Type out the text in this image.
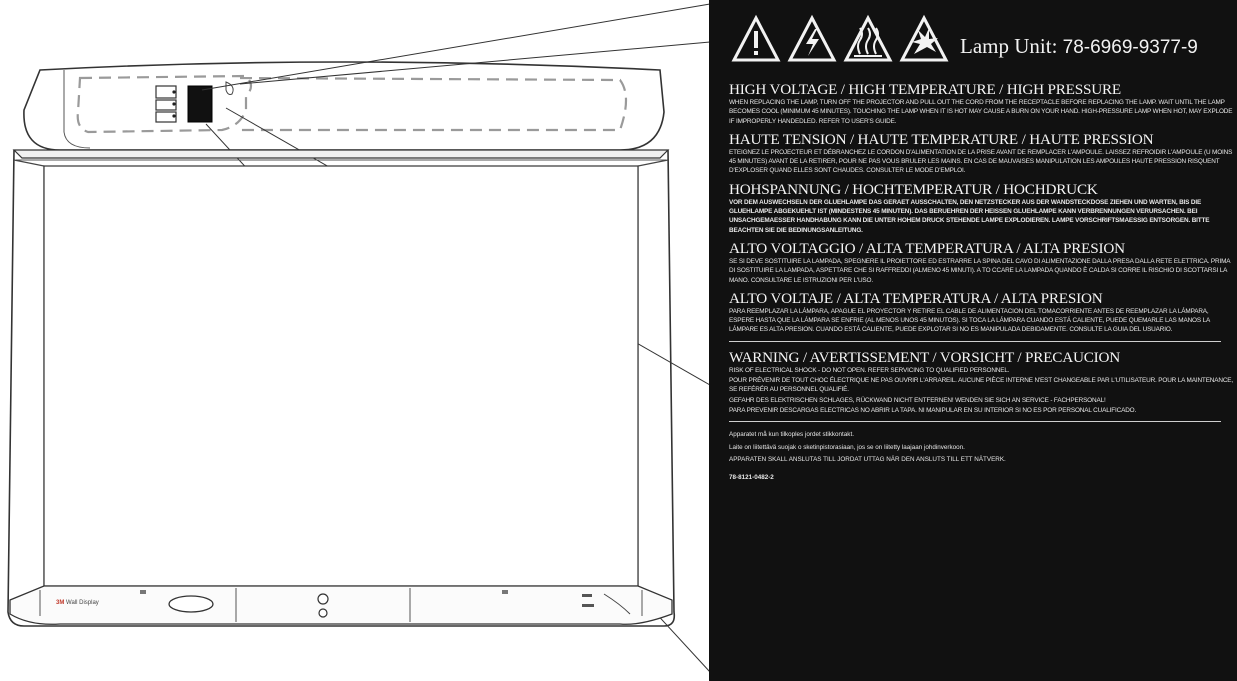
3M Wall Display
Lamp Unit: 78-6969-9377-9
HIGH VOLTAGE / HIGH TEMPERATURE / HIGH PRESSURE

WHEN REPLACING THE LAMP, TURN OFF THE PROJECTOR AND PULL OUT THE CORD FROM THE RECEPTACLE BEFORE REPLACING THE LAMP. WAIT UNTIL THE LAMP BECOMES COOL (MINIMUM 45 MINUTES). TOUCHING THE LAMP WHEN IT IS HOT MAY CAUSE A BURN ON YOUR HAND. HIGH-PRESSURE LAMP WHEN HOT, MAY EXPLODE IF IMPROPERLY HANDEDLED. REFER TO USER'S GUIDE.

HAUTE TENSION / HAUTE TEMPERATURE / HAUTE PRESSION

ETEIGNEZ LE PROJECTEUR ET DÉBRANCHEZ LE CORDON D'ALIMENTATION DE LA PRISE AVANT DE REMPLACER L'AMPOULE. LAISSEZ REFROIDIR L'AMPOULE (U MOINS 45 MINUTES) AVANT DE LA RETIRER, POUR NE PAS VOUS BRULER LES MAINS. EN CAS DE MAUVAISES MANIPULATION LES AMPOULES HAUTE PRESSION RISQUENT D'EXPLOSER QUAND ELLES SONT CHAUDES. CONSULTER LE MODE D'EMPLOI.

HOHSPANNUNG / HOCHTEMPERATUR / HOCHDRUCK

VOR DEM AUSWECHSELN DER GLUEHLAMPE DAS GERAET AUSSCHALTEN, DEN NETZSTECKER AUS DER WANDSTECKDOSE ZIEHEN UND WARTEN, BIS DIE GLUEHLAMPE ABGEKUEHLT IST (MINDESTENS 45 MINUTEN). DAS BERUEHREN DER HEISSEN GLUEHLAMPE KANN VERBRENNUNGEN VERURSACHEN. BEI UNSACHGEMAESSER HANDHABUNG KANN DIE UNTER HOHEM DRUCK STEHENDE LAMPE EXPLODIEREN. LAMPE VORSCHRIFTSMAESSIG ENTSORGEN. BITTE BEACHTEN SIE DIE BEDINUNGSANLEITUNG.

ALTO VOLTAGGIO / ALTA TEMPERATURA / ALTA PRESION

SE SI DEVE SOSTITUIRE LA LAMPADA, SPEGNERE IL PROIETTORE ED ESTRARRE LA SPINA DEL CAVO DI ALIMENTAZIONE DALLA PRESA DALLA RETE ELETTRICA. PRIMA DI SOSTITUIRE LA LAMPADA, ASPETTARE CHE SI RAFFREDDI (ALMENO 45 MINUTI). A TO CCARE LA LAMPADA QUANDO È CALDA SI CORRE IL RISCHIO DI SCOTTARSI LA MANO. CONSULTARE LE ISTRUZIONI PER L'USO.

ALTO VOLTAJE / ALTA TEMPERATURA / ALTA PRESION

PARA REEMPLAZAR LA LÁMPARA, APAGUE EL PROYECTOR Y RETIRE EL CABLE DE ALIMENTACION DEL TOMACORRIENTE ANTES DE REEMPLAZAR LA LÁMPARA, ESPERE HASTA QUE LA LÁMPARA SE ENFRIE (AL MENOS UNOS 45 MINUTOS). SI TOCA LA LÁMPARA CUANDO ESTÁ CALIENTE, PUEDE QUEMARLE LAS MANOS LA LÁMPARE ES ALTA PRESION. CUANDO ESTÁ CALIENTE, PUEDE EXPLOTAR SI NO ES MANIPULADA DEBIDAMENTE. CONSULTE LA GUIA DEL USUARIO.

WARNING / AVERTISSEMENT / VORSICHT / PRECAUCION

RISK OF ELECTRICAL SHOCK - DO NOT OPEN. REFER SERVICING TO QUALIFIED PERSONNEL.

POUR PRÉVENIR DE TOUT CHOC ÉLECTRIQUE NE PAS OUVRIR L'ARRAREIL. AUCUNE PIÈCE INTERNE N'EST CHANGEABLE PAR L'UTILISATEUR. POUR LA MAINTENANCE, SE REFÉRÉR AU PERSONNEL QUALIFIÉ.

GEFAHR DES ELEKTRISCHEN SCHLAGES, RÜCKWAND NICHT ENTFERNEN! WENDEN SIE SICH AN SERVICE - FACHPERSONAL!

PARA PREVENIR DESCARGAS ELECTRICAS NO ABRIR LA TAPA. NI MANIPULAR EN SU INTERIOR SI NO ES POR PERSONAL CUALIFICADO.

Apparatet må kun tilkoples jordet stikkontakt.

Laite on liitettävä suojak o sketinpistorasiaan, jos se on liitetty laajaan johdinverkoon.

APPARATEN SKALL ANSLUTAS TILL JORDAT UTTAG NÄR DEN ANSLUTS TILL ETT NÄTVERK.

78-8121-0482-2
